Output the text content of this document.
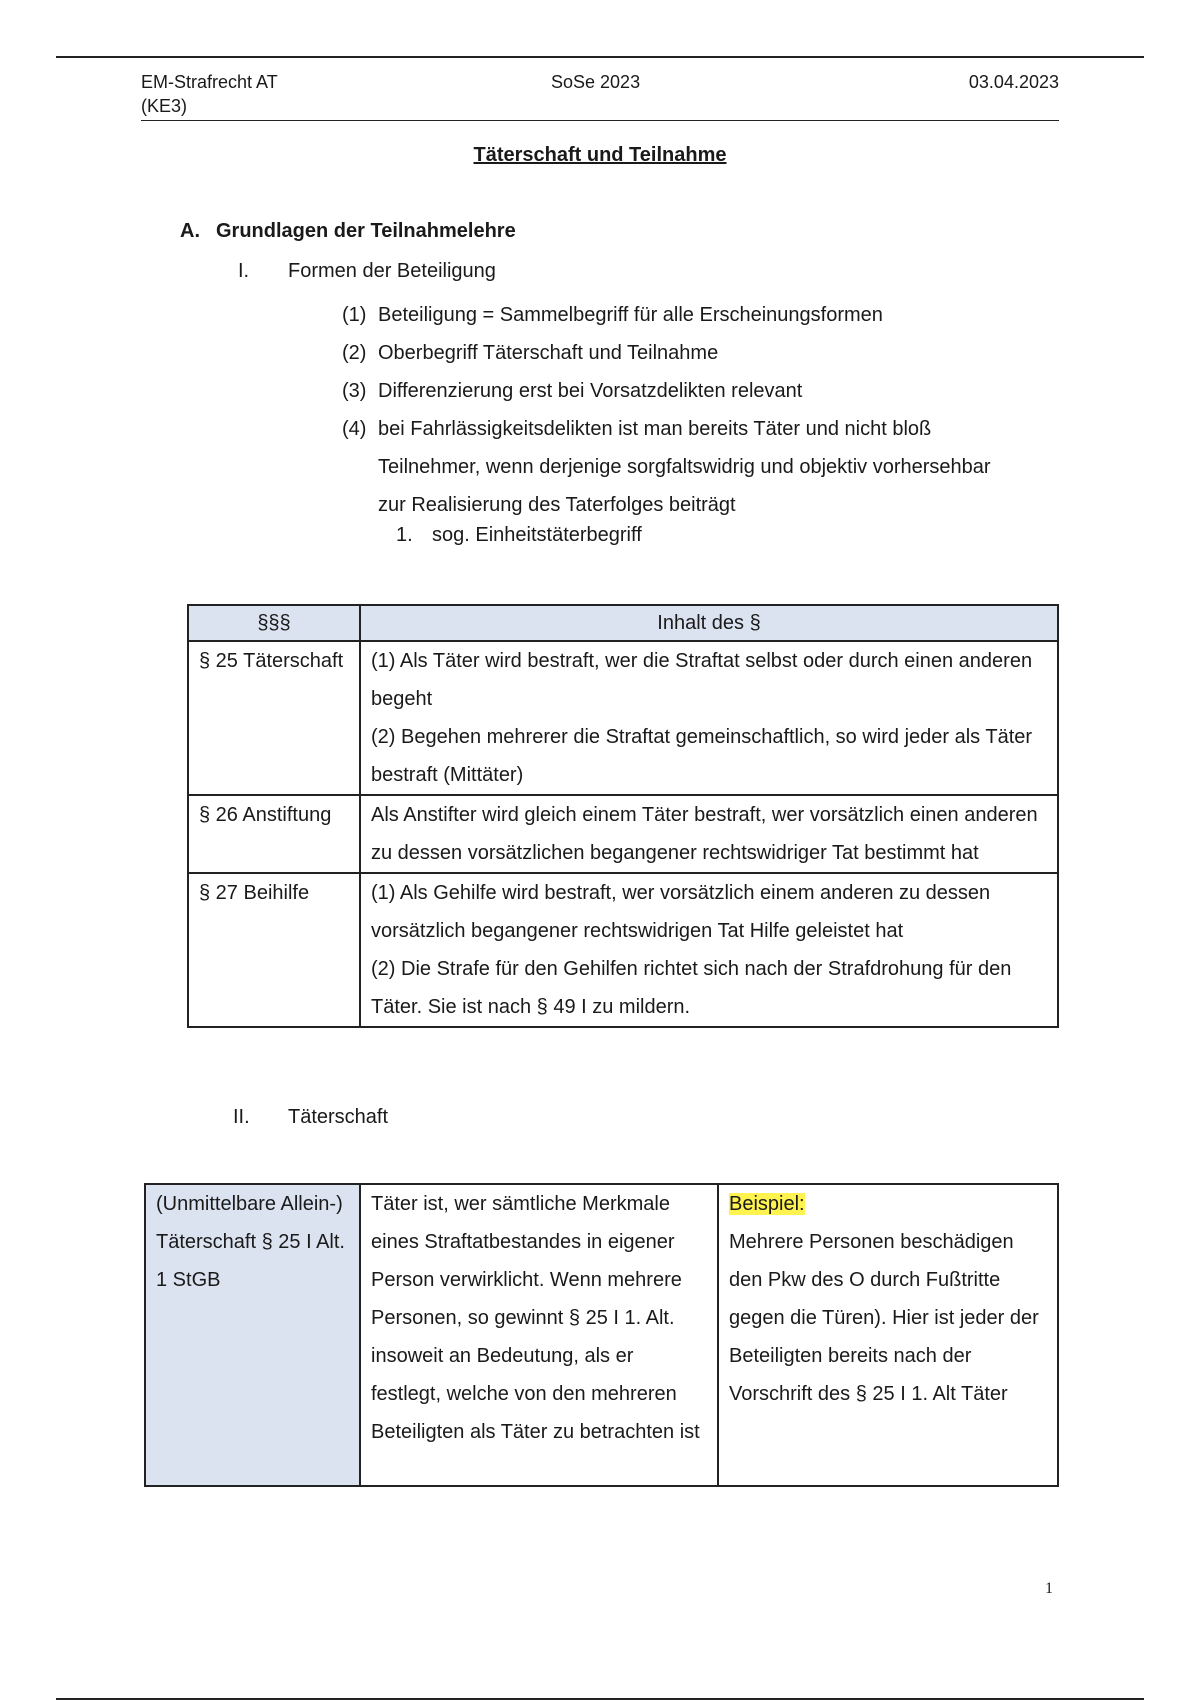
EM-Strafrecht AT
(KE3)
SoSe 2023	03.04.2023
Täterschaft und Teilnahme
A. Grundlagen der Teilnahmelehre
I. Formen der Beteiligung
(1) Beteiligung = Sammelbegriff für alle Erscheinungsformen
(2) Oberbegriff Täterschaft und Teilnahme
(3) Differenzierung erst bei Vorsatzdelikten relevant
(4) bei Fahrlässigkeitsdelikten ist man bereits Täter und nicht bloß Teilnehmer, wenn derjenige sorgfaltswidrig und objektiv vorhersehbar zur Realisierung des Taterfolges beiträgt
1. sog. Einheitstäterbegriff
§§§	Inhalt des §
§ 25 Täterschaft	(1) Als Täter wird bestraft, wer die Straftat selbst oder durch einen anderen begeht
(2) Begehen mehrerer die Straftat gemeinschaftlich, so wird jeder als Täter bestraft (Mittäter)

§ 26 Anstiftung	Als Anstifter wird gleich einem Täter bestraft, wer vorsätzlich einen anderen zu dessen vorsätzlichen begangener rechtswidriger Tat bestimmt hat

§ 27 Beihilfe	(1) Als Gehilfe wird bestraft, wer vorsätzlich einem anderen zu dessen vorsätzlich begangener rechtswidrigen Tat Hilfe geleistet hat
(2) Die Strafe für den Gehilfen richtet sich nach der Strafdrohung für den Täter. Sie ist nach § 49 I zu mildern.
II. Täterschaft
(Unmittelbare Allein-) Täterschaft § 25 I Alt. 1 StGB	Täter ist, wer sämtliche Merkmale eines Straftatbestandes in eigener Person verwirklicht. Wenn mehrere Personen, so gewinnt § 25 I 1. Alt. insoweit an Bedeutung, als er festlegt, welche von den mehreren Beteiligten als Täter zu betrachten ist	Beispiel:
Mehrere Personen beschädigen den Pkw des O durch Fußtritte gegen die Türen). Hier ist jeder der Beteiligten bereits nach der Vorschrift des § 25 I 1. Alt Täter
1
